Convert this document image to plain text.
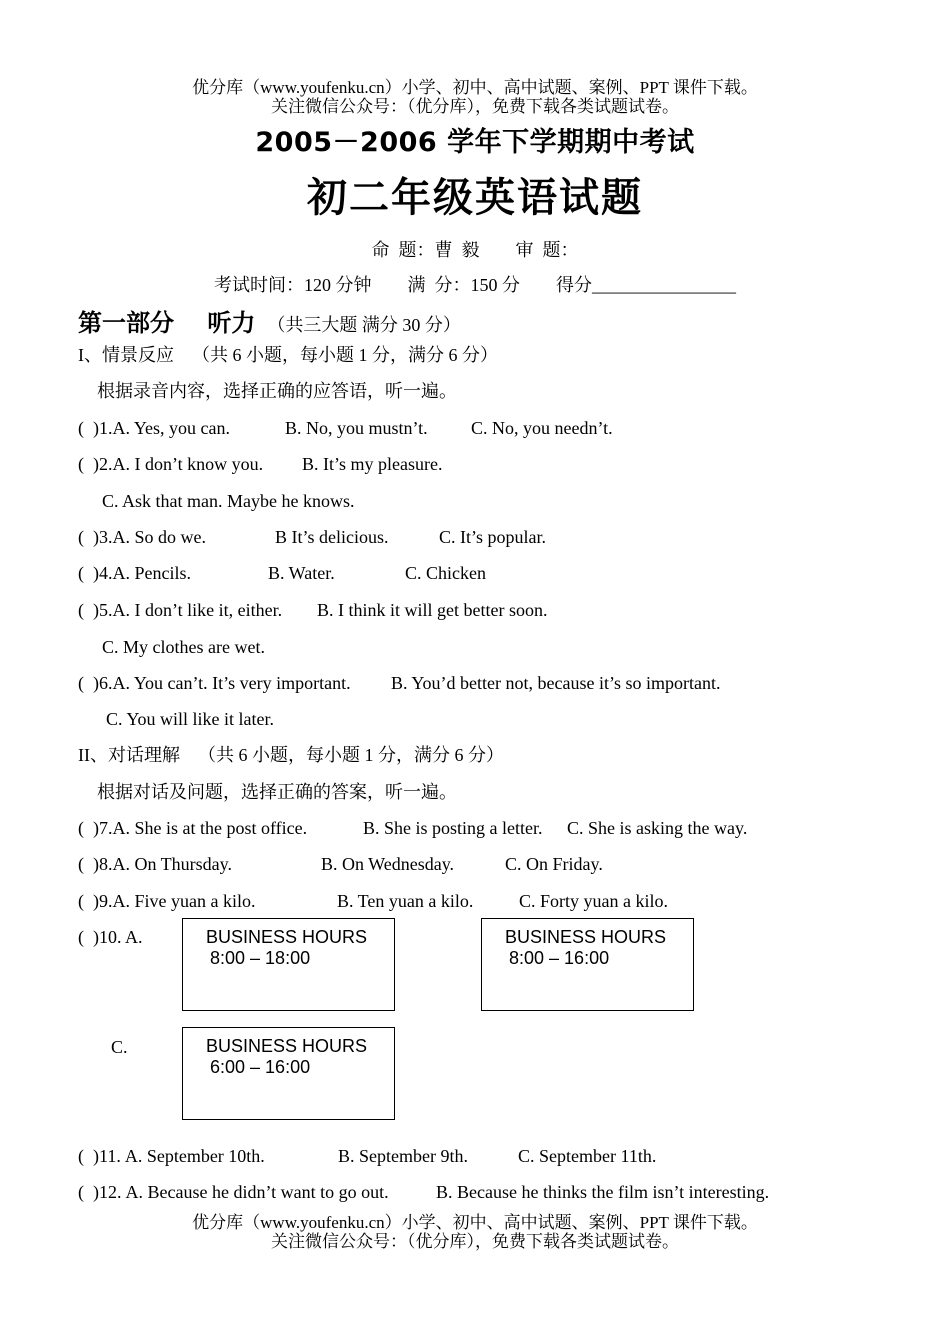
优分库（www.youfenku.cn）小学、初中、高中试题、案例、PPT 课件下载。
关注微信公众号：（优分库），免费下载各类试题试卷。
2005－2006 学年下学期期中考试
初二年级英语试题
命  题：曹  毅        审  题：
考试时间：120 分钟        满  分：150 分        得分________________
第一部分    听力 （共三大题 满分 30 分）
I、情景反应    （共 6 小题，每小题 1 分，满分 6 分）
根据录音内容，选择正确的应答语，听一遍。
(  )1.A. Yes, you can.	B. No, you mustn’t. C. No, you needn’t.
(  )2.A. I don’t know you. B. It’s my pleasure.
C. Ask that man. Maybe he knows.
(  )3.A. So do we.	B It’s delicious.	C. It’s popular.
(  )4.A. Pencils.	B. Water.	C. Chicken
(  )5.A. I don’t like it, either. B. I think it will get better soon.
C. My clothes are wet.
(  )6.A. You can’t. It’s very important. B. You’d better not, because it’s so important.
C. You will like it later.
II、对话理解    （共 6 小题，每小题 1 分，满分 6 分）
根据对话及问题，选择正确的答案，听一遍。
(  )7.A. She is at the post office.	B. She is posting a letter. C. She is asking the way.
(  )8.A. On Thursday.	B. On Wednesday.	C. On Friday.
(  )9.A. Five yuan a kilo.	B. Ten yuan a kilo.	C. Forty yuan a kilo.
(  )10. A.	BUSINESS HOURS
8:00 – 18:00
BUSINESS HOURS
8:00 – 16:00
C.	BUSINESS HOURS
6:00 – 16:00
(  )11. A. September 10th.	B. September 9th.	C. September 11th.
(  )12. A. Because he didn’t want to go out.	B. Because he thinks the film isn’t interesting.
优分库（www.youfenku.cn）小学、初中、高中试题、案例、PPT 课件下载。
关注微信公众号：（优分库），免费下载各类试题试卷。
